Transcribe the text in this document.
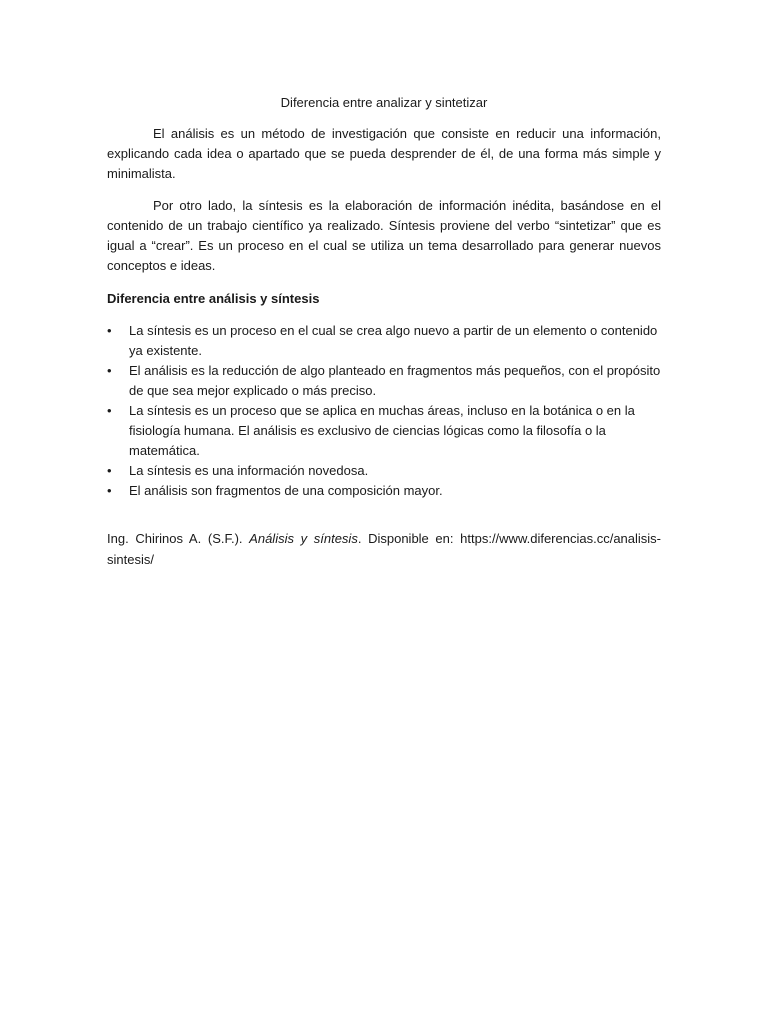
Diferencia entre analizar y sintetizar

El análisis es un método de investigación que consiste en reducir una información, explicando cada idea o apartado que se pueda desprender de él, de una forma más simple y minimalista.

Por otro lado, la síntesis es la elaboración de información inédita, basándose en el contenido de un trabajo científico ya realizado. Síntesis proviene del verbo “sintetizar” que es igual a “crear”. Es un proceso en el cual se utiliza un tema desarrollado para generar nuevos conceptos e ideas.

Diferencia entre análisis y síntesis
•	La síntesis es un proceso en el cual se crea algo nuevo a partir de un elemento o contenido ya existente.
•	El análisis es la reducción de algo planteado en fragmentos más pequeños, con el propósito de que sea mejor explicado o más preciso.
•	La síntesis es un proceso que se aplica en muchas áreas, incluso en la botánica o en la fisiología humana. El análisis es exclusivo de ciencias lógicas como la filosofía o la matemática.
•	La síntesis es una información novedosa.
•	El análisis son fragmentos de una composición mayor.

Ing. Chirinos A. (S.F.). Análisis y síntesis. Disponible en: https://www.diferencias.cc/analisis-sintesis/
